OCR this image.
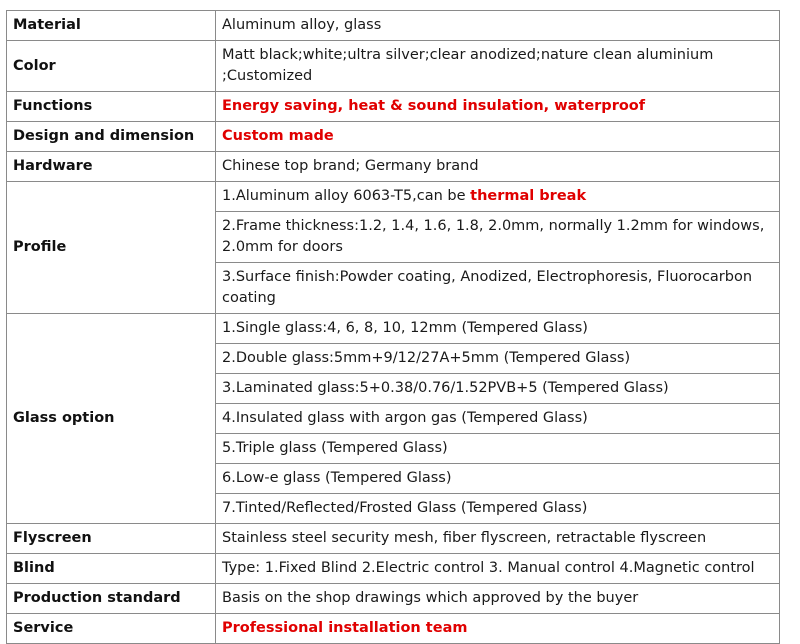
Material	Aluminum alloy, glass
Color	Matt black;white;ultra silver;clear anodized;nature clean aluminium ;Customized
Functions	Energy saving, heat & sound insulation, waterproof
Design and dimension	Custom made
Hardware	Chinese top brand; Germany brand
Profile	1.Aluminum alloy 6063-T5,can be thermal break
	2.Frame thickness:1.2, 1.4, 1.6, 1.8, 2.0mm, normally 1.2mm for windows, 2.0mm for doors
	3.Surface finish:Powder coating, Anodized, Electrophoresis, Fluorocarbon coating
Glass option	1.Single glass:4, 6, 8, 10, 12mm (Tempered Glass)
	2.Double glass:5mm+9/12/27A+5mm (Tempered Glass)
	3.Laminated glass:5+0.38/0.76/1.52PVB+5 (Tempered Glass)
	4.Insulated glass with argon gas (Tempered Glass)
	5.Triple glass (Tempered Glass)
	6.Low-e glass (Tempered Glass)
	7.Tinted/Reflected/Frosted Glass (Tempered Glass)
Flyscreen	Stainless steel security mesh, fiber flyscreen, retractable flyscreen
Blind	Type: 1.Fixed Blind 2.Electric control 3. Manual control 4.Magnetic control
Production standard	Basis on the shop drawings which approved by the buyer
Service	Professional installation team
